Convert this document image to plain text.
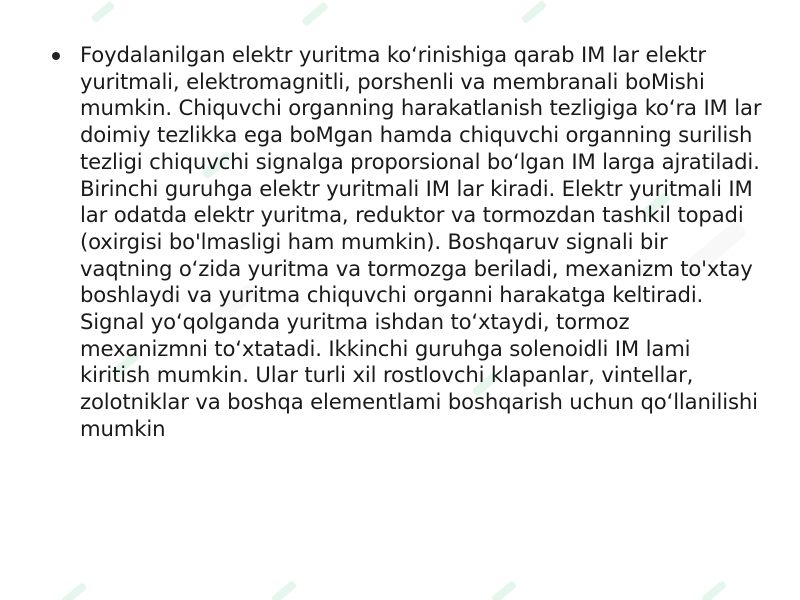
Foydalanilgan elektr yuritma ko‘rinishiga qarab IM lar elektr yuritmali, elektromagnitli, porshenli va membranali boMishi mumkin. Chiquvchi organning harakatlanish tezligiga ko‘ra IM lar doimiy tezlikka ega boMgan hamda chiquvchi organning surilish tezligi chiquvchi signalga proporsional bo‘lgan IM larga ajratiladi. Birinchi guruhga elektr yuritmali IM lar kiradi. Elektr yuritmali IM lar odatda elektr yuritma, reduktor va tormozdan tashkil topadi (oxirgisi bo'lmasligi ham mumkin). Boshqaruv signali bir vaqtning o‘zida yuritma va tormozga beriladi, mexanizm to'xtay boshlaydi va yuritma chiquvchi organni harakatga keltiradi. Signal yo‘qolganda yuritma ishdan to‘xtaydi, tormoz mexanizmni to‘xtatadi. Ikkinchi guruhga solenoidli IM lami kiritish mumkin. Ular turli xil rostlovchi klapanlar, vintellar, zolotniklar va boshqa elementlami boshqarish uchun qo‘llanilishi mumkin
